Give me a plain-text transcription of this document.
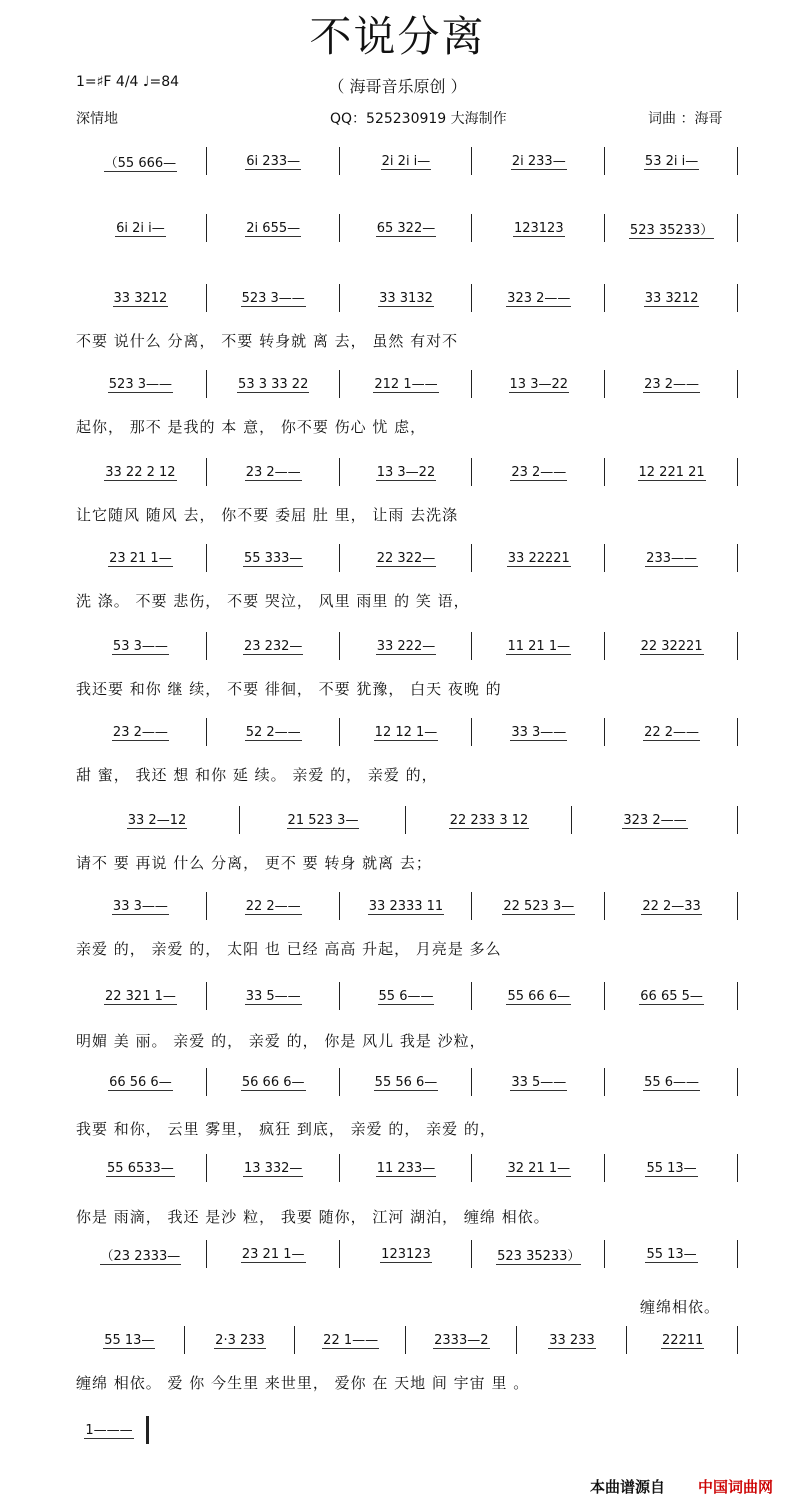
不说分离
1=♯F 4/4 ♩=84	（ 海哥音乐原创 ）
深情地	QQ：525230919 大海制作	词曲 ：海哥
（55 666—	6i 233—	2i 2i i—	2i 233—	53 2i i—
6i 2i i—	2i 655—	65 322—	123123	523 35233）
33 3212	523 3——	33 3132	323 2——	33 3212
不要 说什么 分离， 不要 转身就 离 去， 虽然 有对不
523 3——	53 3 33 22	212 1——	13 3—22	23 2——
起你， 那不 是我的 本 意， 你不要 伤心 忧 虑，
33 22 2 12	23 2——	13 3—22	23 2——	12 221 21
让它随风 随风 去， 你不要 委屈 肚 里， 让雨 去洗涤
23 21 1—	55 333—	22 322—	33 22221	233——
洗 涤。 不要 悲伤， 不要 哭泣， 风里 雨里 的 笑 语，
53 3——	23 232—	33 222—	11 21 1—	22 32221
我还要 和你 继 续， 不要 徘徊， 不要 犹豫， 白天 夜晚 的
23 2——	52 2——	12 12 1—	33 3——	22 2——
甜 蜜， 我还 想 和你 延 续。 亲爱 的， 亲爱 的，
33 2—12	21 523 3—	22 233 3 12	323 2——
请不 要 再说 什么 分离， 更不 要 转身 就离 去；
33 3——	22 2——	33 2333 11	22 523 3—	22 2—33
亲爱 的， 亲爱 的， 太阳 也 已经 高高 升起， 月亮是 多么
22 321 1—	33 5——	55 6——	55 66 6—	66 65 5—
明媚 美 丽。 亲爱 的， 亲爱 的， 你是 风儿 我是 沙粒，
66 56 6—	56 66 6—	55 56 6—	33 5——	55 6——
我要 和你， 云里 雾里， 疯狂 到底， 亲爱 的， 亲爱 的，
55 6533—	13 332—	11 233—	32 21 1—	55 13—
你是 雨滴， 我还 是沙 粒， 我要 随你， 江河 湖泊， 缠绵 相依。
（23 2333—	23 21 1—	123123	523 35233）	55 13—
缠绵相依。
55 13—	2·3 233	22 1——	2333—2	33 233	22211
缠绵 相依。 爱 你 今生里 来世里， 爱你 在 天地 间 宇宙 里 。
1———
本曲谱源自 中国词曲网
